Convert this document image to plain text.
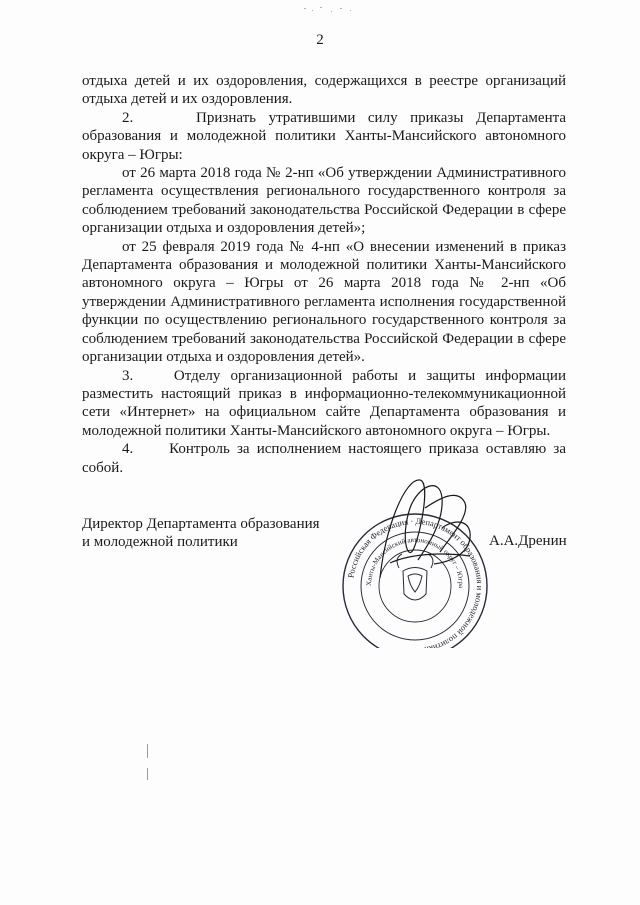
2

отдыха детей и их оздоровления, содержащихся в реестре организаций отдыха детей и их оздоровления.

2.     Признать утратившими силу приказы Департамента образования и молодежной политики Ханты-Мансийского автономного округа – Югры:

от 26 марта 2018 года № 2-нп «Об утверждении Административного регламента осуществления регионального государственного контроля за соблюдением требований законодательства Российской Федерации в сфере организации отдыха и оздоровления детей»;

от 25 февраля 2019 года № 4-нп «О внесении изменений в приказ Департамента образования и молодежной политики Ханты-Мансийского автономного округа – Югры от 26 марта 2018 года № 2-нп «Об утверждении Административного регламента исполнения государственной функции по осуществлению регионального государственного контроля за соблюдением требований законодательства Российской Федерации в сфере организации отдыха и оздоровления детей».

3.    Отделу организационной работы и защиты информации разместить настоящий приказ в информационно-телекоммуникационной сети «Интернет» на официальном сайте Департамента образования и молодежной политики Ханты-Мансийского автономного округа – Югры.

4.     Контроль за исполнением настоящего приказа оставляю за собой.

Директор Департамента образования
и молодежной политики	А.А.Дренин
Российская Федерация · Департамент образования и молодежной полити
Ханты-Мансийский автономный округ – Югра
